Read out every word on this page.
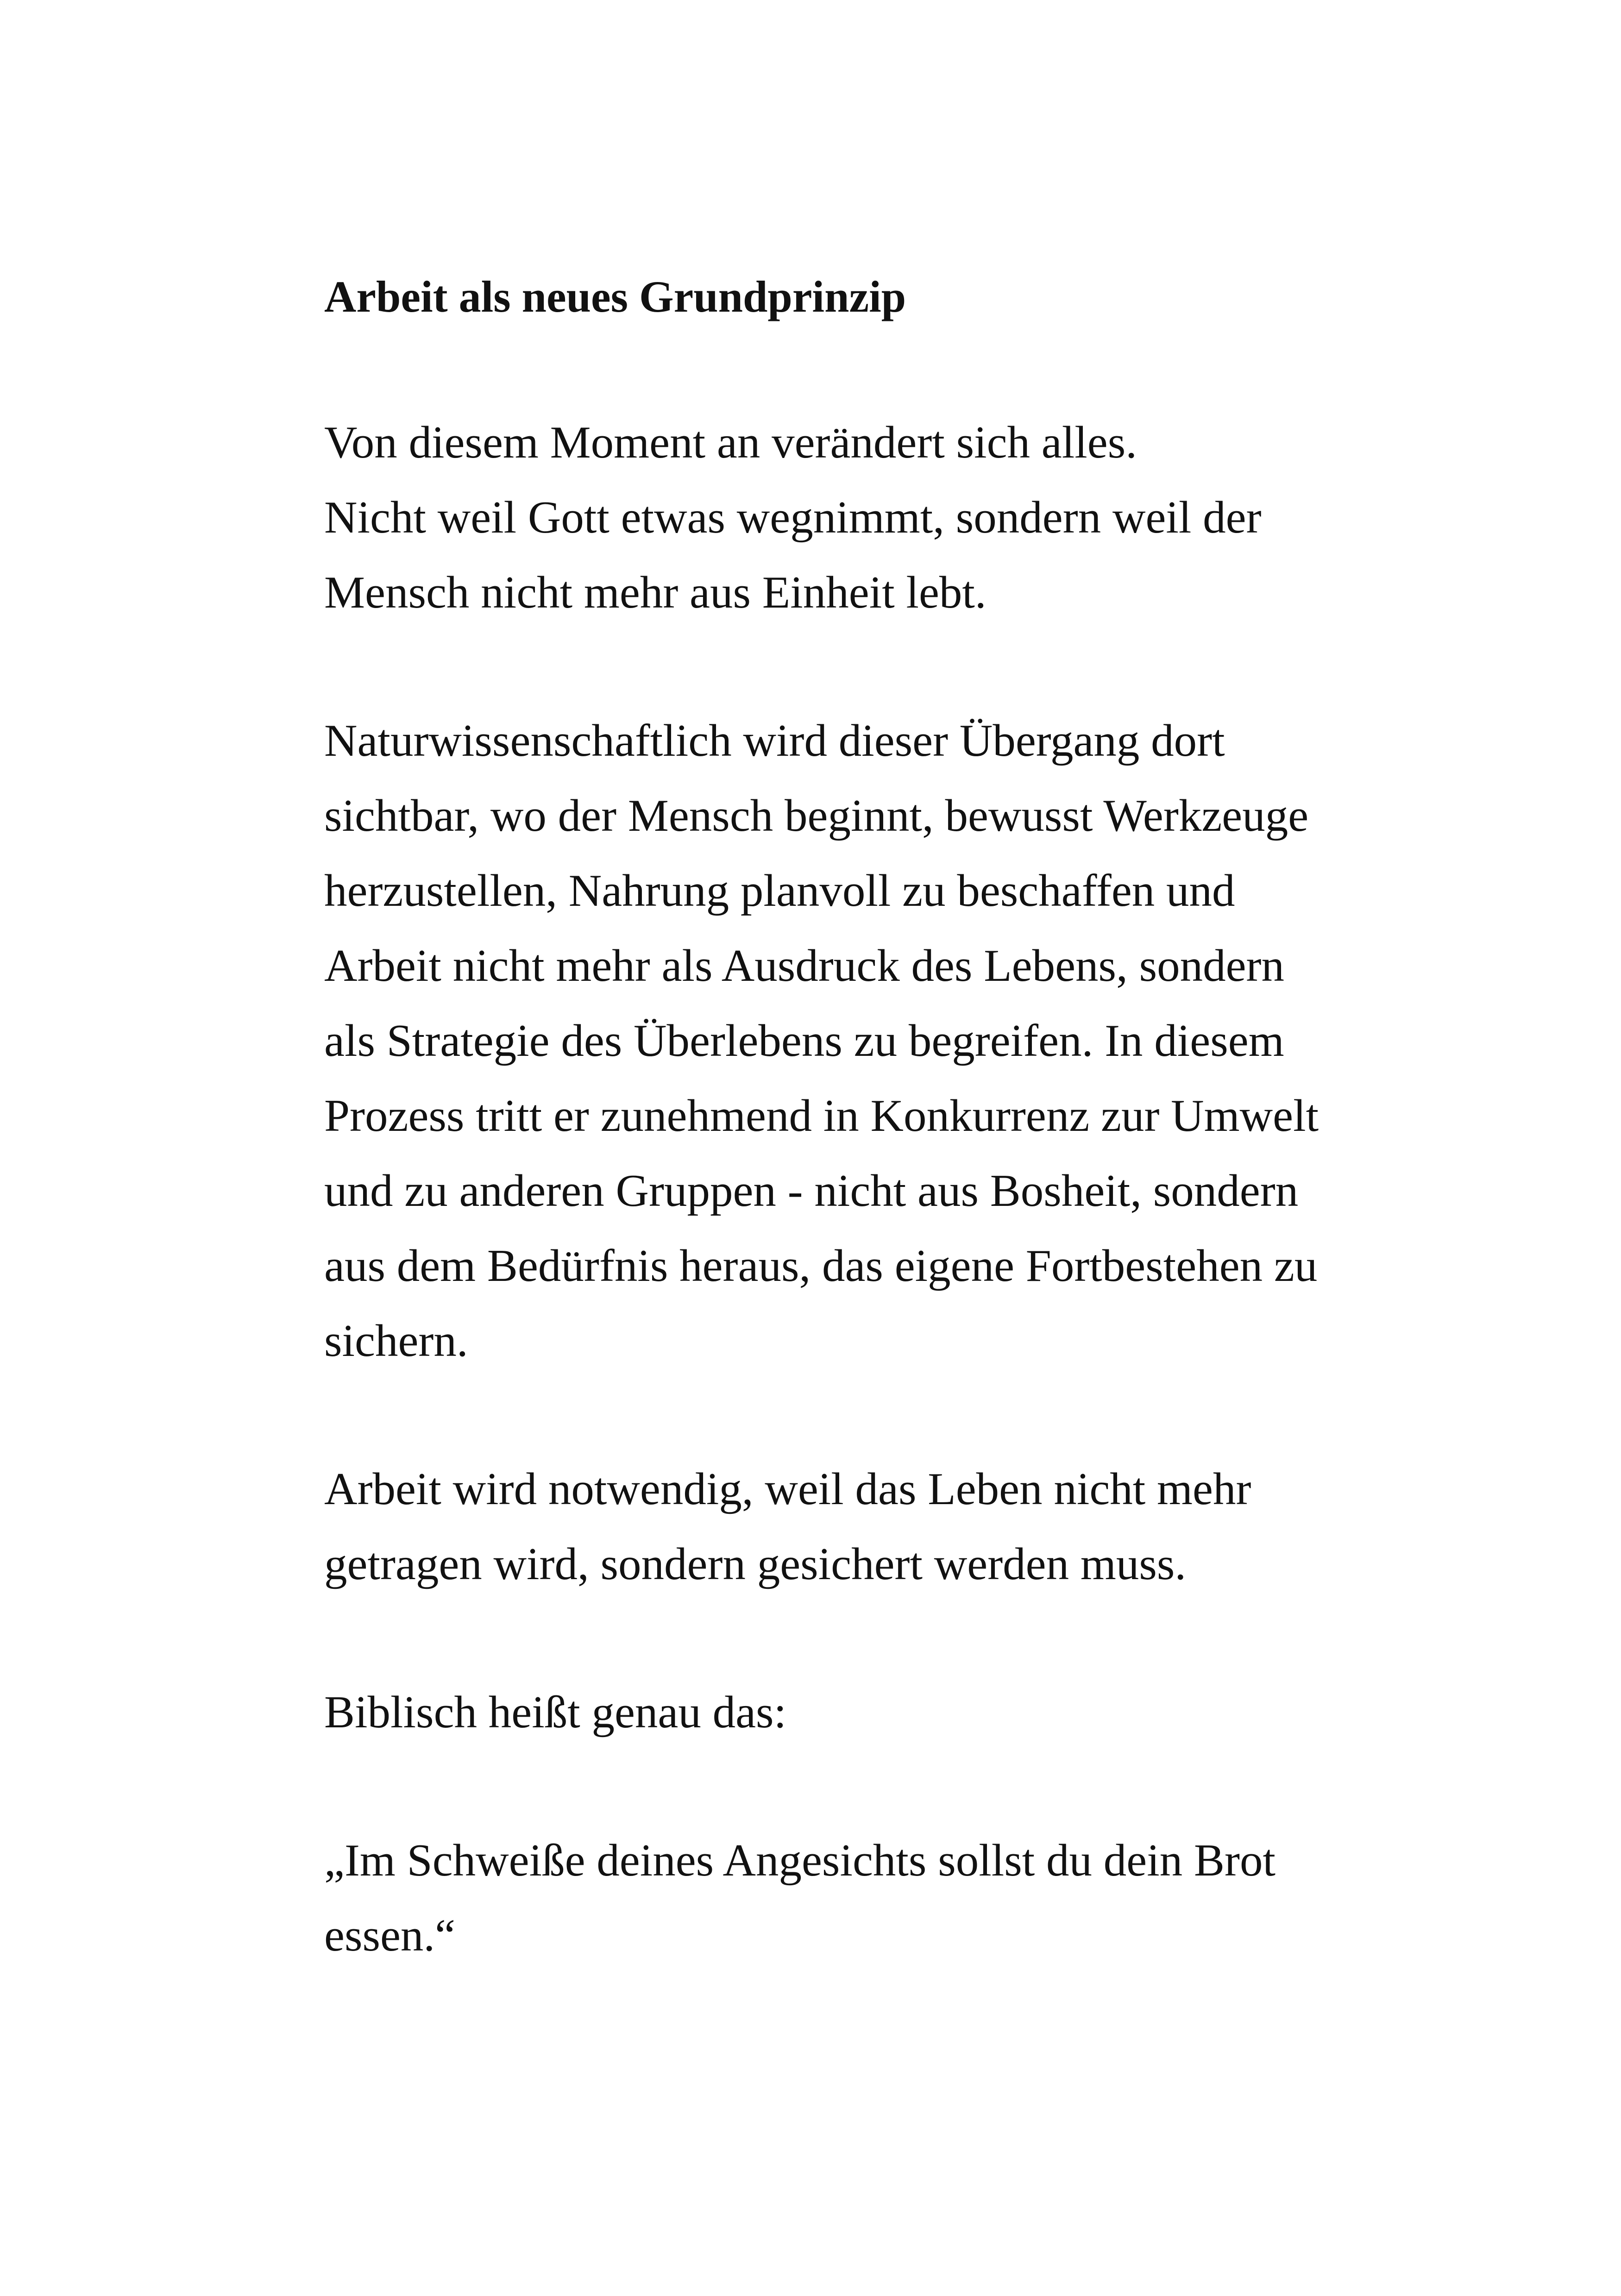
Arbeit als neues Grundprinzip
Von diesem Moment an verändert sich alles.
Nicht weil Gott etwas wegnimmt, sondern weil der
Mensch nicht mehr aus Einheit lebt.
Naturwissenschaftlich wird dieser Übergang dort
sichtbar, wo der Mensch beginnt, bewusst Werkzeuge
herzustellen, Nahrung planvoll zu beschaffen und
Arbeit nicht mehr als Ausdruck des Lebens, sondern
als Strategie des Überlebens zu begreifen. In diesem
Prozess tritt er zunehmend in Konkurrenz zur Umwelt
und zu anderen Gruppen - nicht aus Bosheit, sondern
aus dem Bedürfnis heraus, das eigene Fortbestehen zu
sichern.
Arbeit wird notwendig, weil das Leben nicht mehr
getragen wird, sondern gesichert werden muss.
Biblisch heißt genau das:
„Im Schweiße deines Angesichts sollst du dein Brot
essen.“
